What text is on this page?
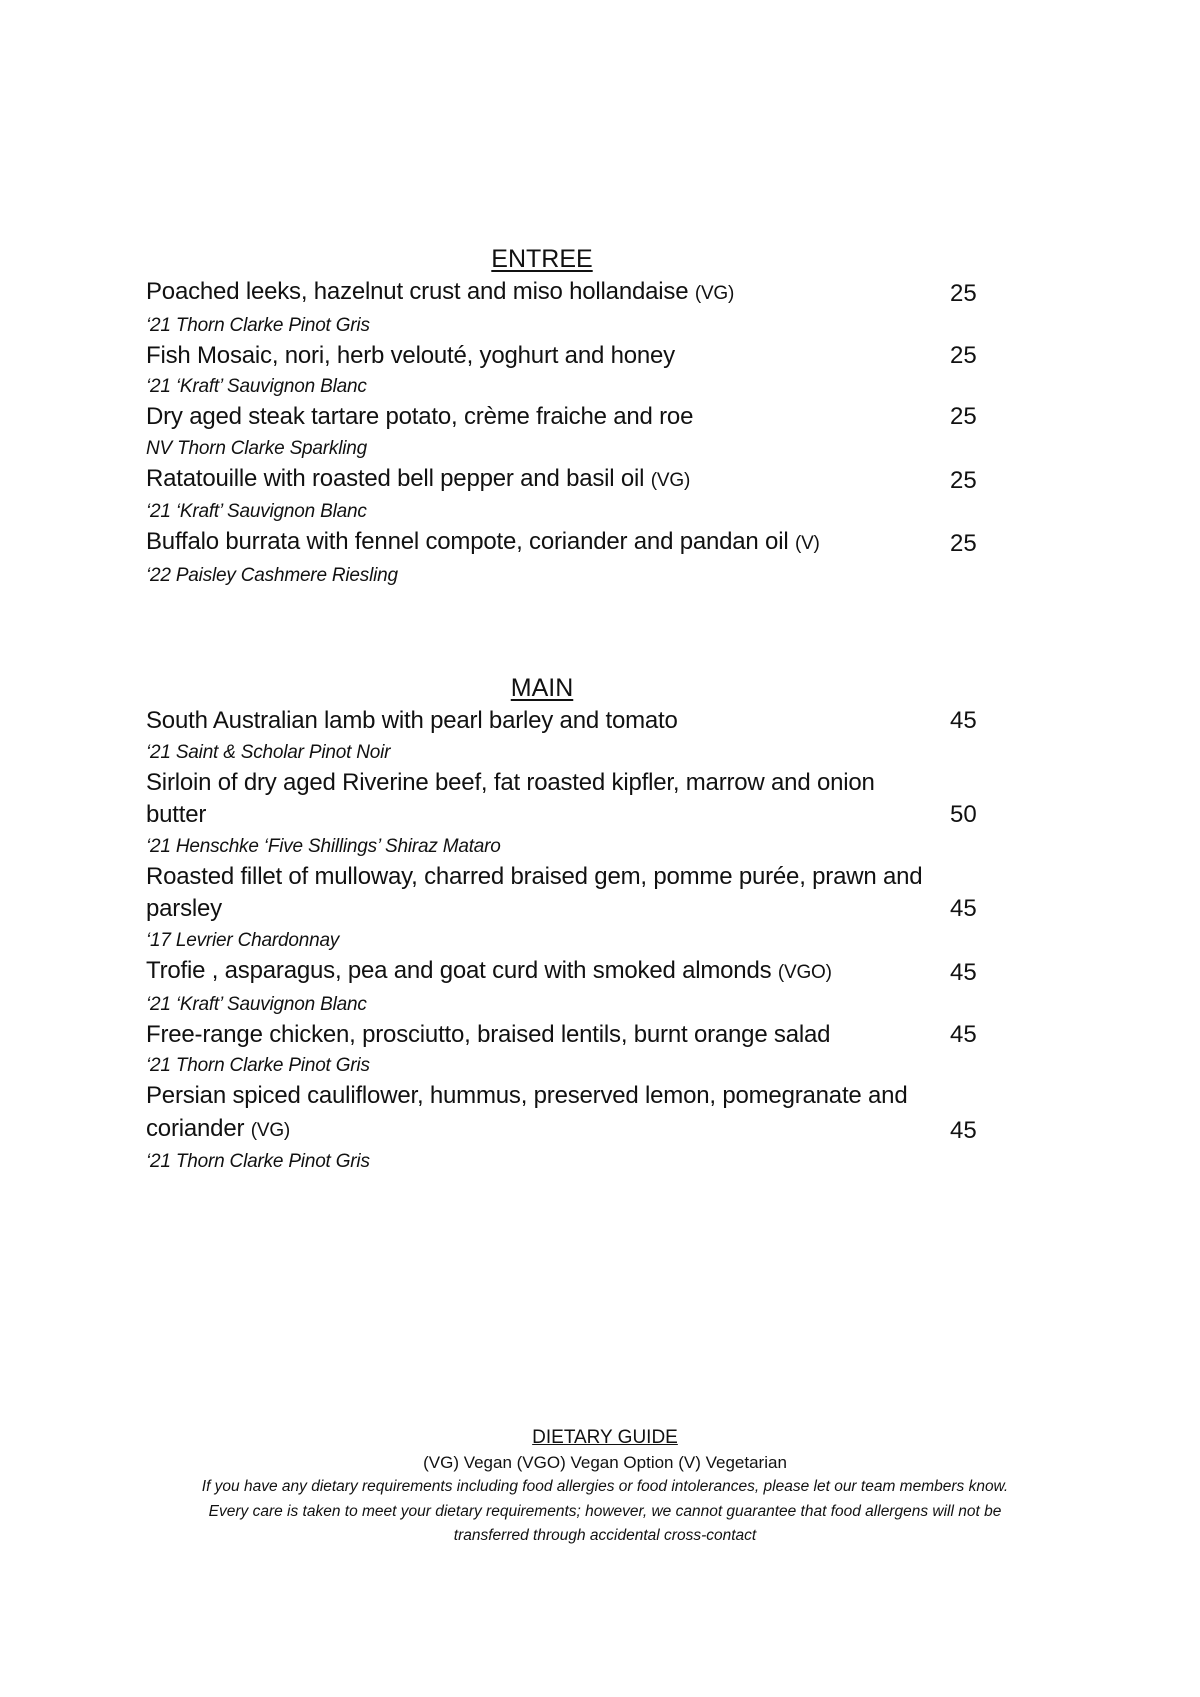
ENTREE
Poached leeks, hazelnut crust and miso hollandaise (VG)	25
‘21 Thorn Clarke Pinot Gris
Fish Mosaic, nori, herb velouté, yoghurt and honey	25
‘21 ‘Kraft’ Sauvignon Blanc
Dry aged steak tartare potato, crème fraiche and roe	25
NV Thorn Clarke Sparkling
Ratatouille with roasted bell pepper and basil oil (VG)	25
‘21 ‘Kraft’ Sauvignon Blanc
Buffalo burrata with fennel compote, coriander and pandan oil (V)	25
‘22 Paisley Cashmere Riesling
MAIN
South Australian lamb with pearl barley and tomato	45
‘21 Saint & Scholar Pinot Noir
Sirloin of dry aged Riverine beef, fat roasted kipfler, marrow and onion butter	50
‘21 Henschke ‘Five Shillings’ Shiraz Mataro
Roasted fillet of mulloway, charred braised gem, pomme purée, prawn and parsley	45
‘17 Levrier Chardonnay
Trofie , asparagus, pea and goat curd with smoked almonds (VGO)	45
‘21 ‘Kraft’ Sauvignon Blanc
Free-range chicken, prosciutto, braised lentils, burnt orange salad	45
‘21 Thorn Clarke Pinot Gris
Persian spiced cauliflower, hummus, preserved lemon, pomegranate and coriander (VG)	45
‘21 Thorn Clarke Pinot Gris
DIETARY GUIDE
(VG) Vegan (VGO) Vegan Option (V) Vegetarian
If you have any dietary requirements including food allergies or food intolerances, please let our team members know.
Every care is taken to meet your dietary requirements; however, we cannot guarantee that food allergens will not be
transferred through accidental cross-contact
